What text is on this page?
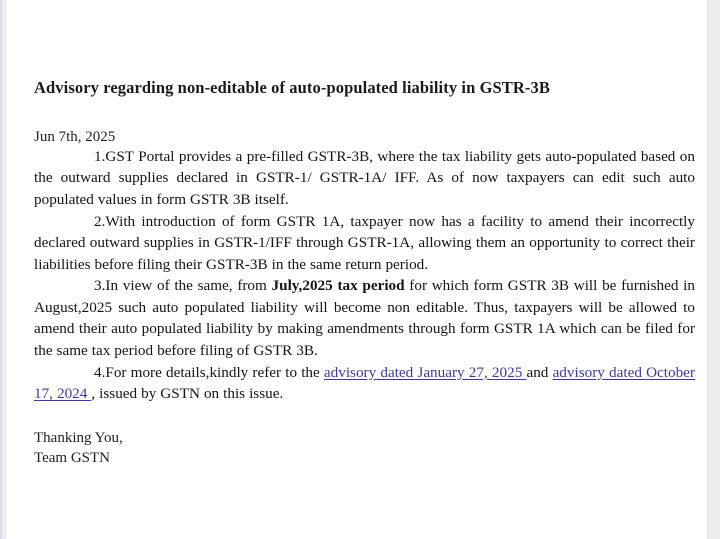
Advisory regarding non-editable of auto-populated liability in GSTR-3B
Jun 7th, 2025

1.GST Portal provides a pre-filled GSTR-3B, where the tax liability gets auto-populated based on the outward supplies declared in GSTR-1/ GSTR-1A/ IFF. As of now taxpayers can edit such auto populated values in form GSTR 3B itself.

2.With introduction of form GSTR 1A, taxpayer now has a facility to amend their incorrectly declared outward supplies in GSTR-1/IFF through GSTR-1A, allowing them an opportunity to correct their liabilities before filing their GSTR-3B in the same return period.

3.In view of the same, from July,2025 tax period for which form GSTR 3B will be furnished in August,2025 such auto populated liability will become non editable. Thus, taxpayers will be allowed to amend their auto populated liability by making amendments through form GSTR 1A which can be filed for the same tax period before filing of GSTR 3B.

4.For more details,kindly refer to the advisory dated January 27, 2025 and advisory dated October 17, 2024 , issued by GSTN on this issue.

Thanking You,
Team GSTN
